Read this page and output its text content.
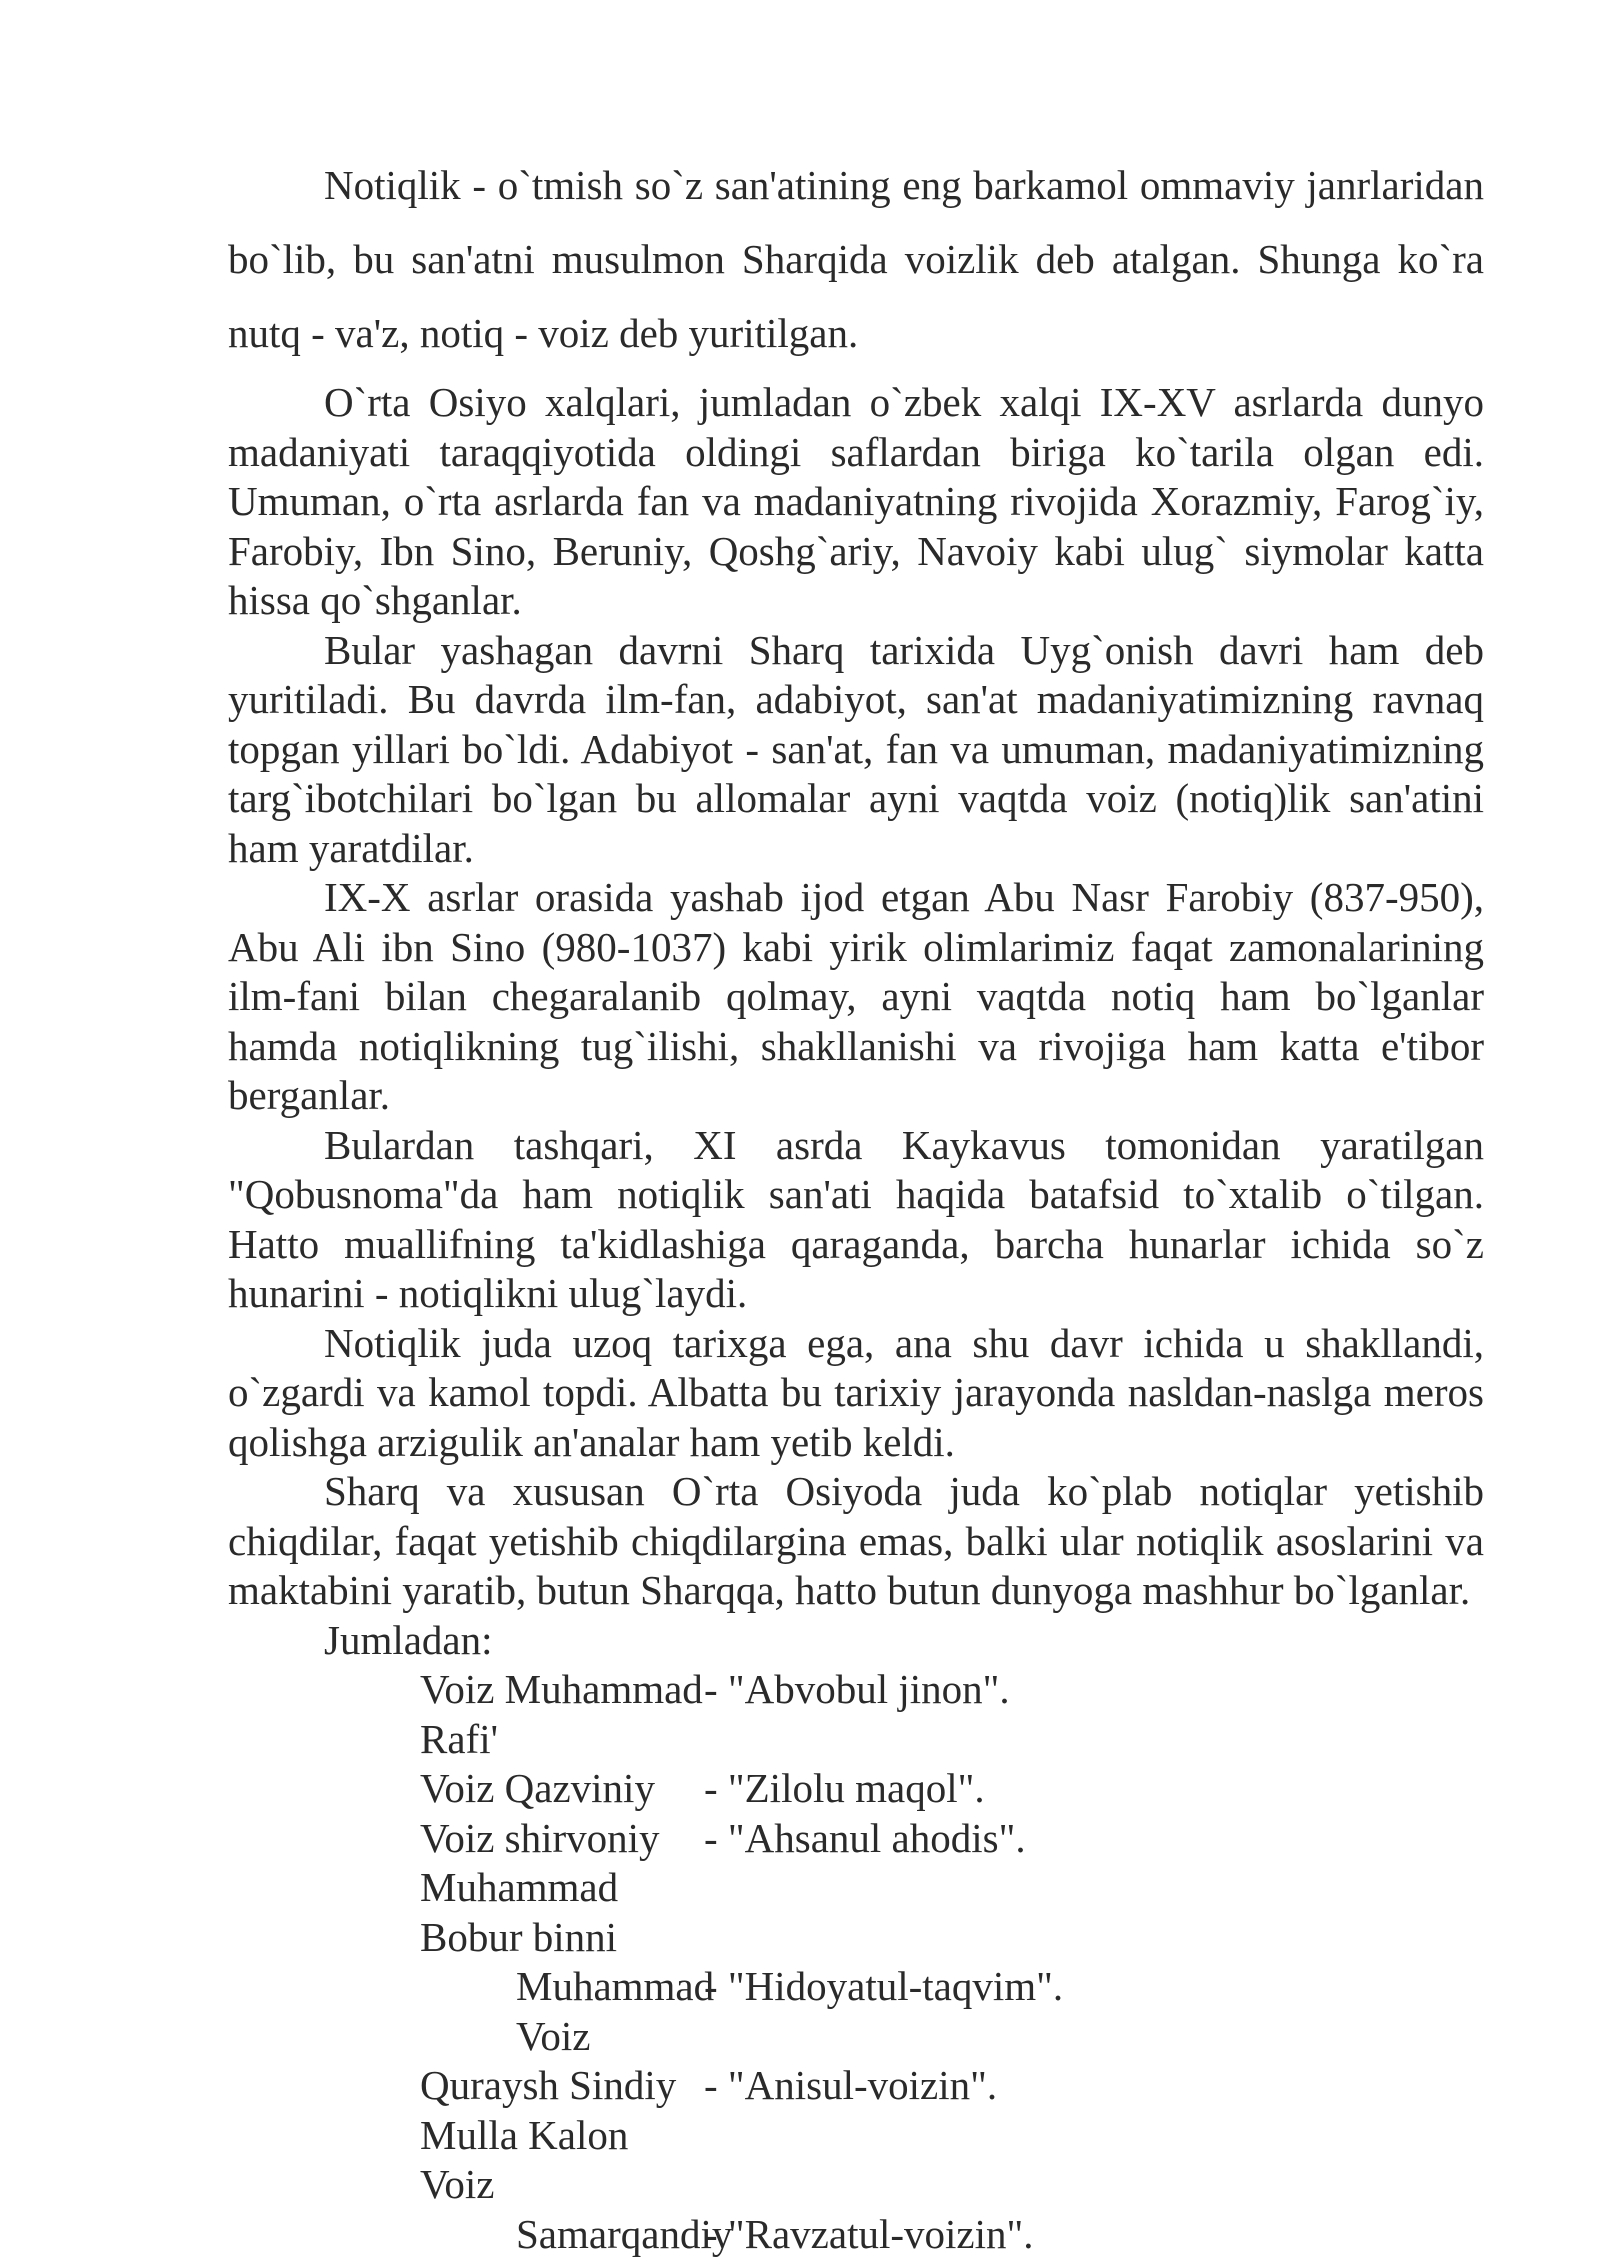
Notiqlik - o`tmish so`z san'atining eng barkamol ommaviy janrlaridan bo`lib, bu san'atni musulmon Sharqida voizlik deb atalgan. Shunga ko`ra nutq - va'z, notiq - voiz deb yuritilgan.

O`rta Osiyo xalqlari, jumladan o`zbek xalqi IX-XV asrlarda dunyo madaniyati taraqqiyotida oldingi saflardan biriga ko`tarila olgan edi. Umuman, o`rta asrlarda fan va madaniyatning rivojida Xorazmiy, Farog`iy, Farobiy, Ibn Sino, Beruniy, Qoshg`ariy, Navoiy kabi ulug` siymolar katta hissa qo`shganlar.

Bular yashagan davrni Sharq tarixida Uyg`onish davri ham deb yuritiladi. Bu davrda ilm-fan, adabiyot, san'at madaniyatimizning ravnaq topgan yillari bo`ldi. Adabiyot - san'at, fan va umuman, madaniyatimizning targ`ibotchilari bo`lgan bu allomalar ayni vaqtda voiz (notiq)lik san'atini ham yaratdilar.

IX-X asrlar orasida yashab ijod etgan Abu Nasr Farobiy (837-950), Abu Ali ibn Sino (980-1037) kabi yirik olimlarimiz faqat zamonalarining ilm-fani bilan chegaralanib qolmay, ayni vaqtda notiq ham bo`lganlar hamda notiqlikning tug`ilishi, shakllanishi va rivojiga ham katta e'tibor berganlar.

Bulardan tashqari, XI asrda Kaykavus tomonidan yaratilgan "Qobusnoma"da ham notiqlik san'ati haqida batafsid to`xtalib o`tilgan. Hatto muallifning ta'kidlashiga qaraganda, barcha hunarlar ichida so`z hunarini - notiqlikni ulug`laydi.

Notiqlik juda uzoq tarixga ega, ana shu davr ichida u shakllandi, o`zgardi va kamol topdi. Albatta bu tarixiy jarayonda nasldan-naslga meros qolishga arzigulik an'analar ham yetib keldi.

Sharq va xususan O`rta Osiyoda juda ko`plab notiqlar yetishib chiqdilar, faqat yetishib chiqdilargina emas, balki ular notiqlik asoslarini va maktabini yaratib, butun Sharqqa, hatto butun dunyoga mashhur bo`lganlar.

Jumladan:

Voiz Muhammad Rafi'
- "Abvobul jinon".
Voiz Qazviniy	- "Zilolu maqol".
Voiz shirvoniy	- "Ahsanul ahodis".
Muhammad Bobur binni
Muhammad Voiz
- "Hidoyatul-taqvim".
Quraysh Sindiy - "Anisul-voizin".
Mulla Kalon Voiz
Samarqandiy
- "Ravzatul-voizin".
